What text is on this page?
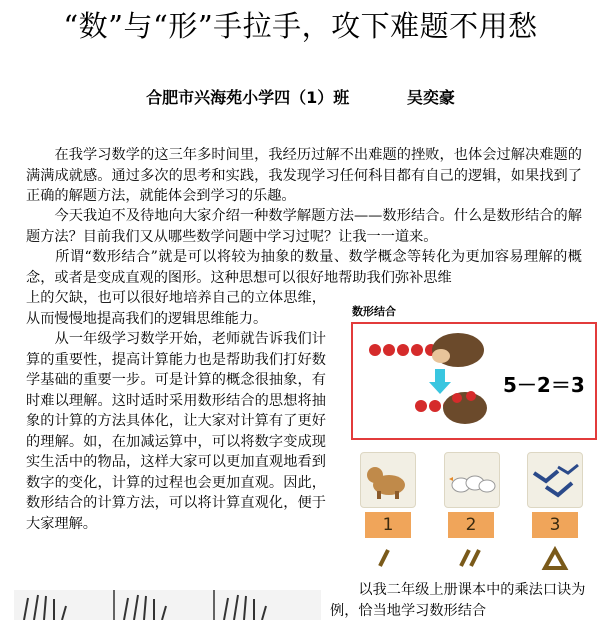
“数”与“形”手拉手，攻下难题不用愁
合肥市兴海苑小学四（1）班	吴奕豪
　　在我学习数学的这三年多时间里，我经历过解不出难题的挫败，也体会过解决难题的满满成就感。通过多次的思考和实践，我发现学习任何科目都有自己的逻辑，如果找到了正确的解题方法，就能体会到学习的乐趣。
　　今天我迫不及待地向大家介绍一种数学解题方法——数形结合。什么是数形结合的解题方法？目前我们又从哪些数学问题中学习过呢？让我一一道来。
　　所谓“数形结合”就是可以将较为抽象的数量、数学概念等转化为更加容易理解的概念，或者是变成直观的图形。这种思想可以很好地帮助我们弥补思维
上的欠缺，也可以很好地培养自己的立体思维，从而慢慢地提高我们的逻辑思维能力。
　　从一年级学习数学开始，老师就告诉我们计算的重要性，提高计算能力也是帮助我们打好数学基础的重要一步。可是计算的概念很抽象，有时难以理解。这时适时采用数形结合的思想将抽象的计算的方法具体化，让大家对计算有了更好的理解。如，在加减运算中，可以将数字变成现实生活中的物品，这样大家可以更加直观地看到数字的变化，计算的过程也会更加直观。因此，数形结合的计算方法，可以将计算直观化，便于大家理解。
数形结合
5－2＝3
1	2	3
　　以我二年级上册课本中的乘法口诀为例，恰当地学习数形结合
